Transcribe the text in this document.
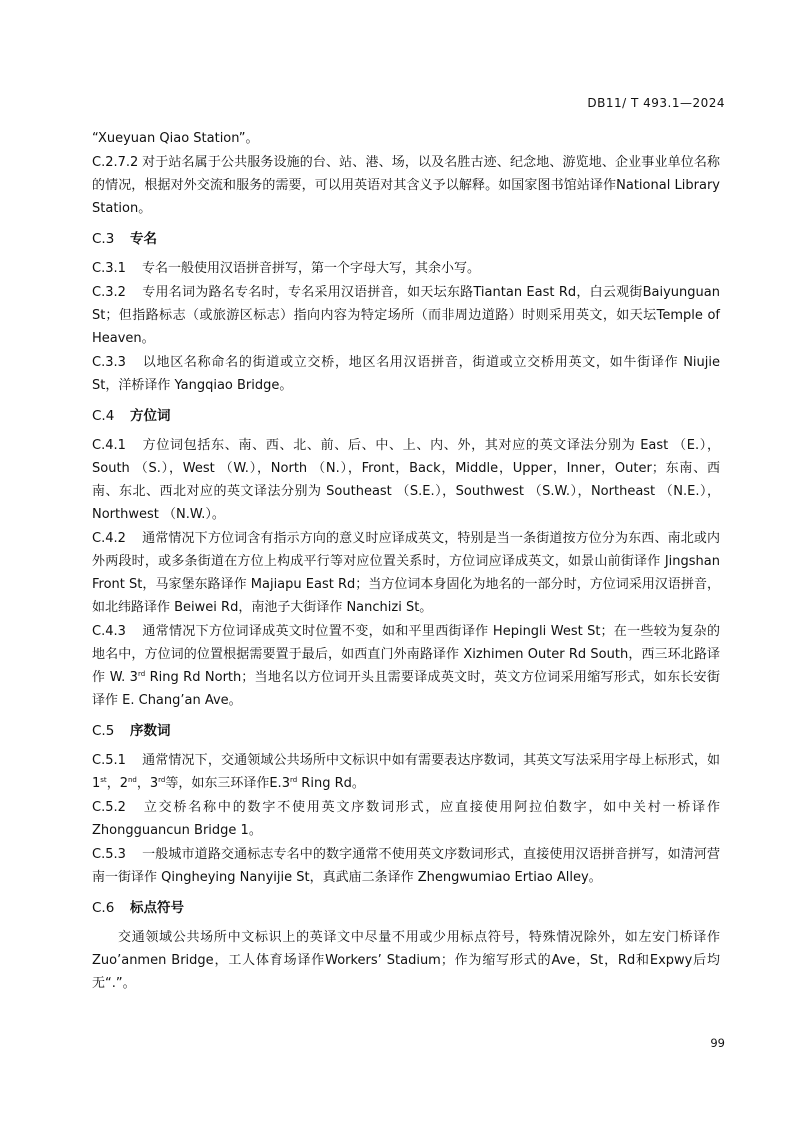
DB11/ T 493.1—2024

“Xueyuan Qiao Station”。

C.2.7.2 对于站名属于公共服务设施的台、站、港、场，以及名胜古迹、纪念地、游览地、企业事业单位名称的情况，根据对外交流和服务的需要，可以用英语对其含义予以解释。如国家图书馆站译作National Library Station。

C.3 专名

C.3.1 专名一般使用汉语拼音拼写，第一个字母大写，其余小写。

C.3.2 专用名词为路名专名时，专名采用汉语拼音，如天坛东路Tiantan East Rd，白云观街Baiyunguan St；但指路标志（或旅游区标志）指向内容为特定场所（而非周边道路）时则采用英文，如天坛Temple of Heaven。

C.3.3 以地区名称命名的街道或立交桥，地区名用汉语拼音，街道或立交桥用英文，如牛街译作 Niujie St，洋桥译作 Yangqiao Bridge。

C.4 方位词

C.4.1 方位词包括东、南、西、北、前、后、中、上、内、外，其对应的英文译法分别为 East （E.），South （S.），West （W.），North （N.），Front，Back，Middle，Upper，Inner，Outer；东南、西南、东北、西北对应的英文译法分别为 Southeast （S.E.），Southwest （S.W.），Northeast （N.E.），Northwest （N.W.）。

C.4.2 通常情况下方位词含有指示方向的意义时应译成英文，特别是当一条街道按方位分为东西、南北或内外两段时，或多条街道在方位上构成平行等对应位置关系时，方位词应译成英文，如景山前街译作 Jingshan Front St，马家堡东路译作 Majiapu East Rd；当方位词本身固化为地名的一部分时，方位词采用汉语拼音，如北纬路译作 Beiwei Rd，南池子大街译作 Nanchizi St。

C.4.3 通常情况下方位词译成英文时位置不变，如和平里西街译作 Hepingli West St；在一些较为复杂的地名中，方位词的位置根据需要置于最后，如西直门外南路译作 Xizhimen Outer Rd South，西三环北路译作 W. 3rd Ring Rd North；当地名以方位词开头且需要译成英文时，英文方位词采用缩写形式，如东长安街译作 E. Chang’an Ave。

C.5 序数词

C.5.1 通常情况下，交通领域公共场所中文标识中如有需要表达序数词，其英文写法采用字母上标形式，如1st，2nd，3rd等，如东三环译作E.3rd Ring Rd。

C.5.2 立交桥名称中的数字不使用英文序数词形式，应直接使用阿拉伯数字，如中关村一桥译作Zhongguancun Bridge 1。

C.5.3 一般城市道路交通标志专名中的数字通常不使用英文序数词形式，直接使用汉语拼音拼写，如清河营南一街译作 Qingheying Nanyijie St，真武庙二条译作 Zhengwumiao Ertiao Alley。

C.6 标点符号

交通领域公共场所中文标识上的英译文中尽量不用或少用标点符号，特殊情况除外，如左安门桥译作Zuo’anmen Bridge，工人体育场译作Workers’ Stadium；作为缩写形式的Ave，St，Rd和Expwy后均无“.”。

99
